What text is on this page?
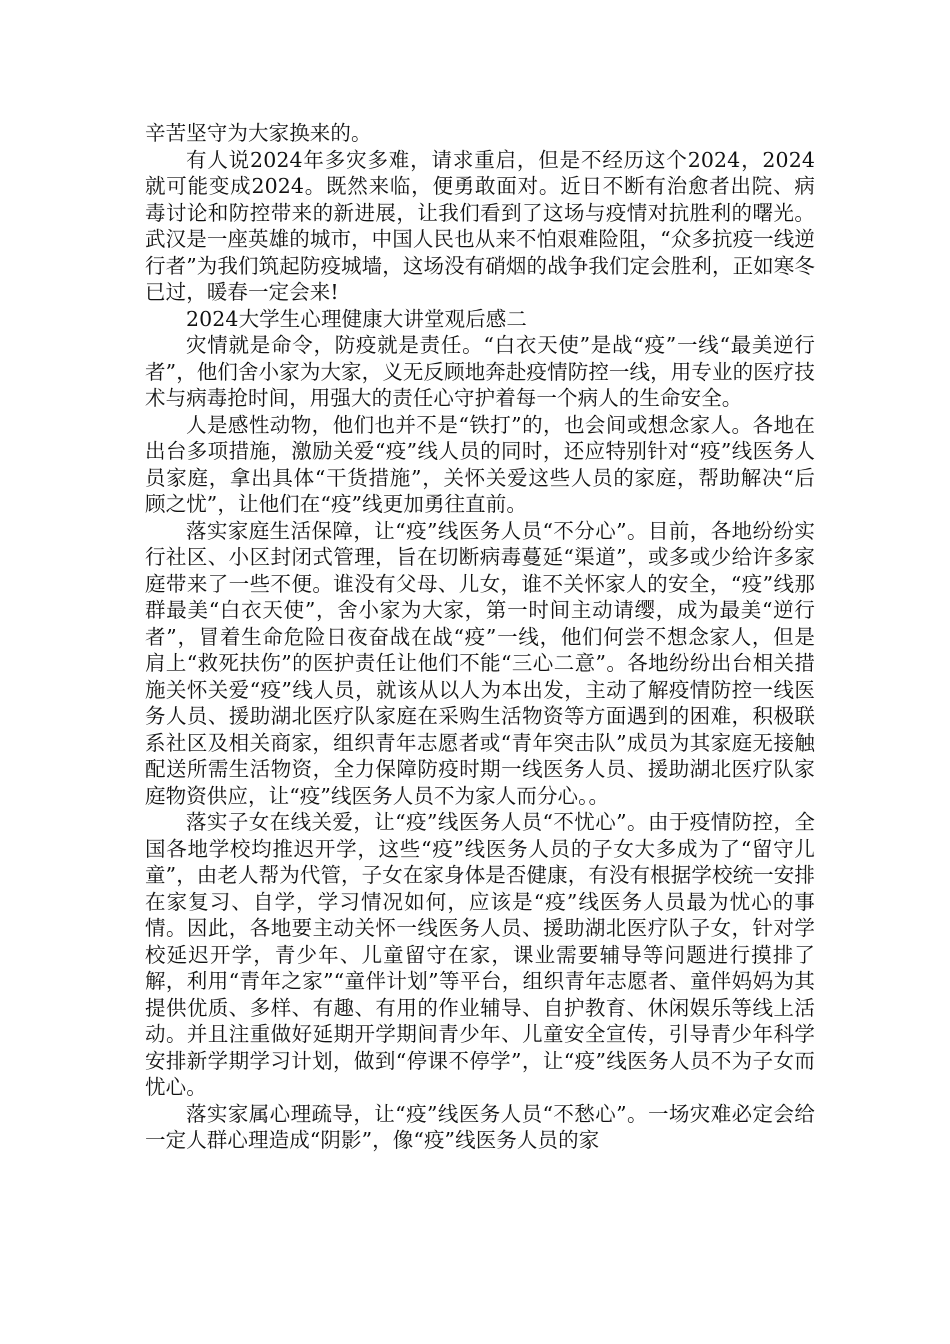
辛苦坚守为大家换来的。

有人说2024年多灾多难，请求重启，但是不经历这个2024，2024就可能变成2024。既然来临，便勇敢面对。近日不断有治愈者出院、病毒讨论和防控带来的新进展，让我们看到了这场与疫情对抗胜利的曙光。武汉是一座英雄的城市，中国人民也从来不怕艰难险阻，“众多抗疫一线逆行者”为我们筑起防疫城墙，这场没有硝烟的战争我们定会胜利，正如寒冬已过，暖春一定会来!

2024大学生心理健康大讲堂观后感二

灾情就是命令，防疫就是责任。“白衣天使”是战“疫”一线“最美逆行者”，他们舍小家为大家，义无反顾地奔赴疫情防控一线，用专业的医疗技术与病毒抢时间，用强大的责任心守护着每一个病人的生命安全。

人是感性动物，他们也并不是“铁打”的，也会间或想念家人。各地在出台多项措施，激励关爱“疫”线人员的同时，还应特别针对“疫”线医务人员家庭，拿出具体“干货措施”，关怀关爱这些人员的家庭，帮助解决“后顾之忧”，让他们在“疫”线更加勇往直前。

落实家庭生活保障，让“疫”线医务人员“不分心”。目前，各地纷纷实行社区、小区封闭式管理，旨在切断病毒蔓延“渠道”，或多或少给许多家庭带来了一些不便。谁没有父母、儿女，谁不关怀家人的安全，“疫”线那群最美“白衣天使”，舍小家为大家，第一时间主动请缨，成为最美“逆行者”，冒着生命危险日夜奋战在战“疫”一线，他们何尝不想念家人，但是肩上“救死扶伤”的医护责任让他们不能“三心二意”。各地纷纷出台相关措施关怀关爱“疫”线人员，就该从以人为本出发，主动了解疫情防控一线医务人员、援助湖北医疗队家庭在采购生活物资等方面遇到的困难，积极联系社区及相关商家，组织青年志愿者或“青年突击队”成员为其家庭无接触配送所需生活物资，全力保障防疫时期一线医务人员、援助湖北医疗队家庭物资供应，让“疫”线医务人员不为家人而分心。。

落实子女在线关爱，让“疫”线医务人员“不忧心”。由于疫情防控，全国各地学校均推迟开学，这些“疫”线医务人员的子女大多成为了“留守儿童”，由老人帮为代管，子女在家身体是否健康，有没有根据学校统一安排在家复习、自学，学习情况如何，应该是“疫”线医务人员最为忧心的事情。因此，各地要主动关怀一线医务人员、援助湖北医疗队子女，针对学校延迟开学，青少年、儿童留守在家，课业需要辅导等问题进行摸排了解，利用“青年之家”“童伴计划”等平台，组织青年志愿者、童伴妈妈为其提供优质、多样、有趣、有用的作业辅导、自护教育、休闲娱乐等线上活动。并且注重做好延期开学期间青少年、儿童安全宣传，引导青少年科学安排新学期学习计划，做到“停课不停学”，让“疫”线医务人员不为子女而忧心。

落实家属心理疏导，让“疫”线医务人员“不愁心”。一场灾难必定会给一定人群心理造成“阴影”，像“疫”线医务人员的家
